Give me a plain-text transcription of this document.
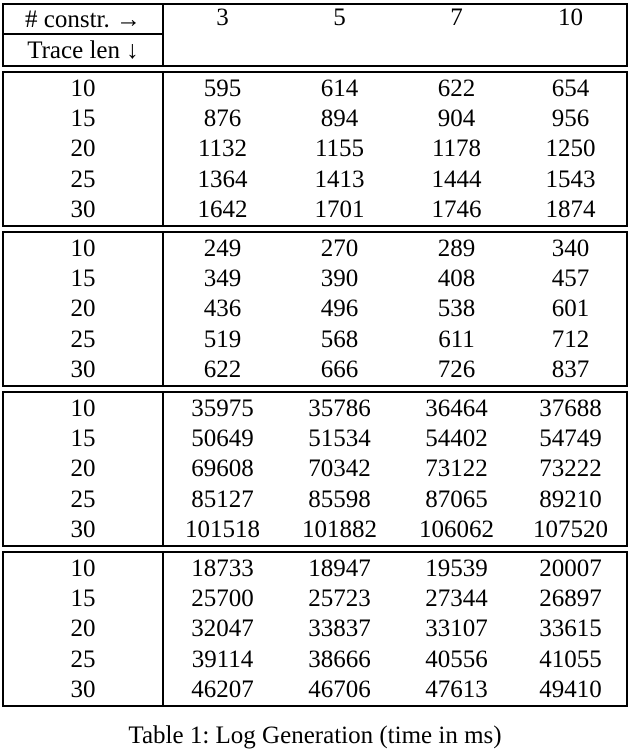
# constr. →	3	5	7	10
Trace len ↓
10	595	614	622	654
15	876	894	904	956
20	1132	1155	1178	1250
25	1364	1413	1444	1543
30	1642	1701	1746	1874
10	249	270	289	340
15	349	390	408	457
20	436	496	538	601
25	519	568	611	712
30	622	666	726	837
10	35975	35786	36464	37688
15	50649	51534	54402	54749
20	69608	70342	73122	73222
25	85127	85598	87065	89210
30	101518	101882	106062	107520
10	18733	18947	19539	20007
15	25700	25723	27344	26897
20	32047	33837	33107	33615
25	39114	38666	40556	41055
30	46207	46706	47613	49410
Table 1: Log Generation (time in ms)
